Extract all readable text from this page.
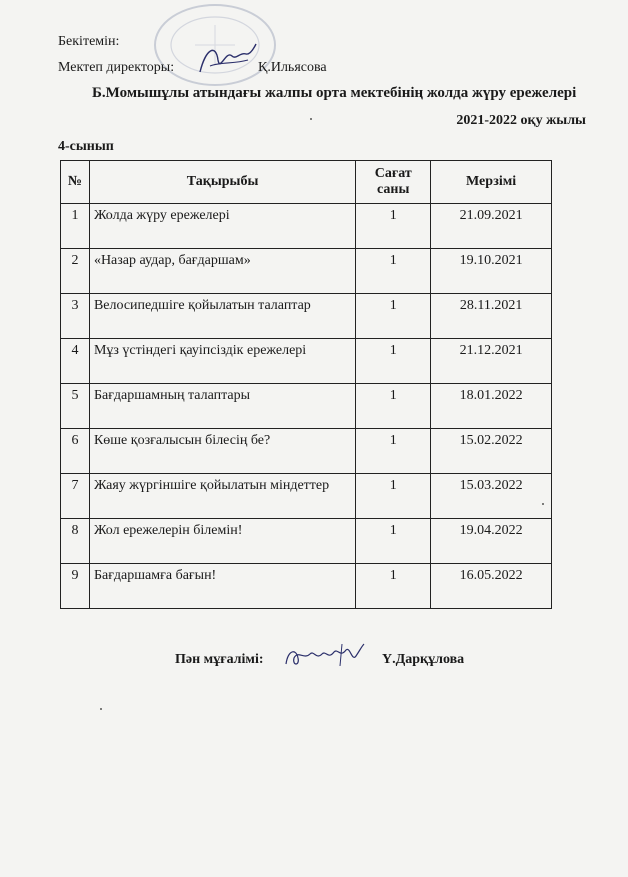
Бекітемін:
Мектеп директоры:	Қ.Ильясова
Б.Момышұлы атындағы жалпы орта мектебінің жолда жүру ережелері
2021-2022 оқу жылы
4-сынып
№	Тақырыбы	Сағат саны	Мерзімі
1	Жолда жүру ережелері	1	21.09.2021
2	«Назар аудар, бағдаршам»	1	19.10.2021
3	Велосипедшіге қойылатын талаптар	1	28.11.2021
4	Мұз үстіндегі қауіпсіздік ережелері	1	21.12.2021
5	Бағдаршамның талаптары	1	18.01.2022
6	Көше қозғалысын білесің бе?	1	15.02.2022
7	Жаяу жүргіншіге қойылатын міндеттер	1	15.03.2022
8	Жол ережелерін білемін!	1	19.04.2022
9	Бағдаршамға бағын!	1	16.05.2022
Пән мұғалімі:	Ү.Дарқұлова
